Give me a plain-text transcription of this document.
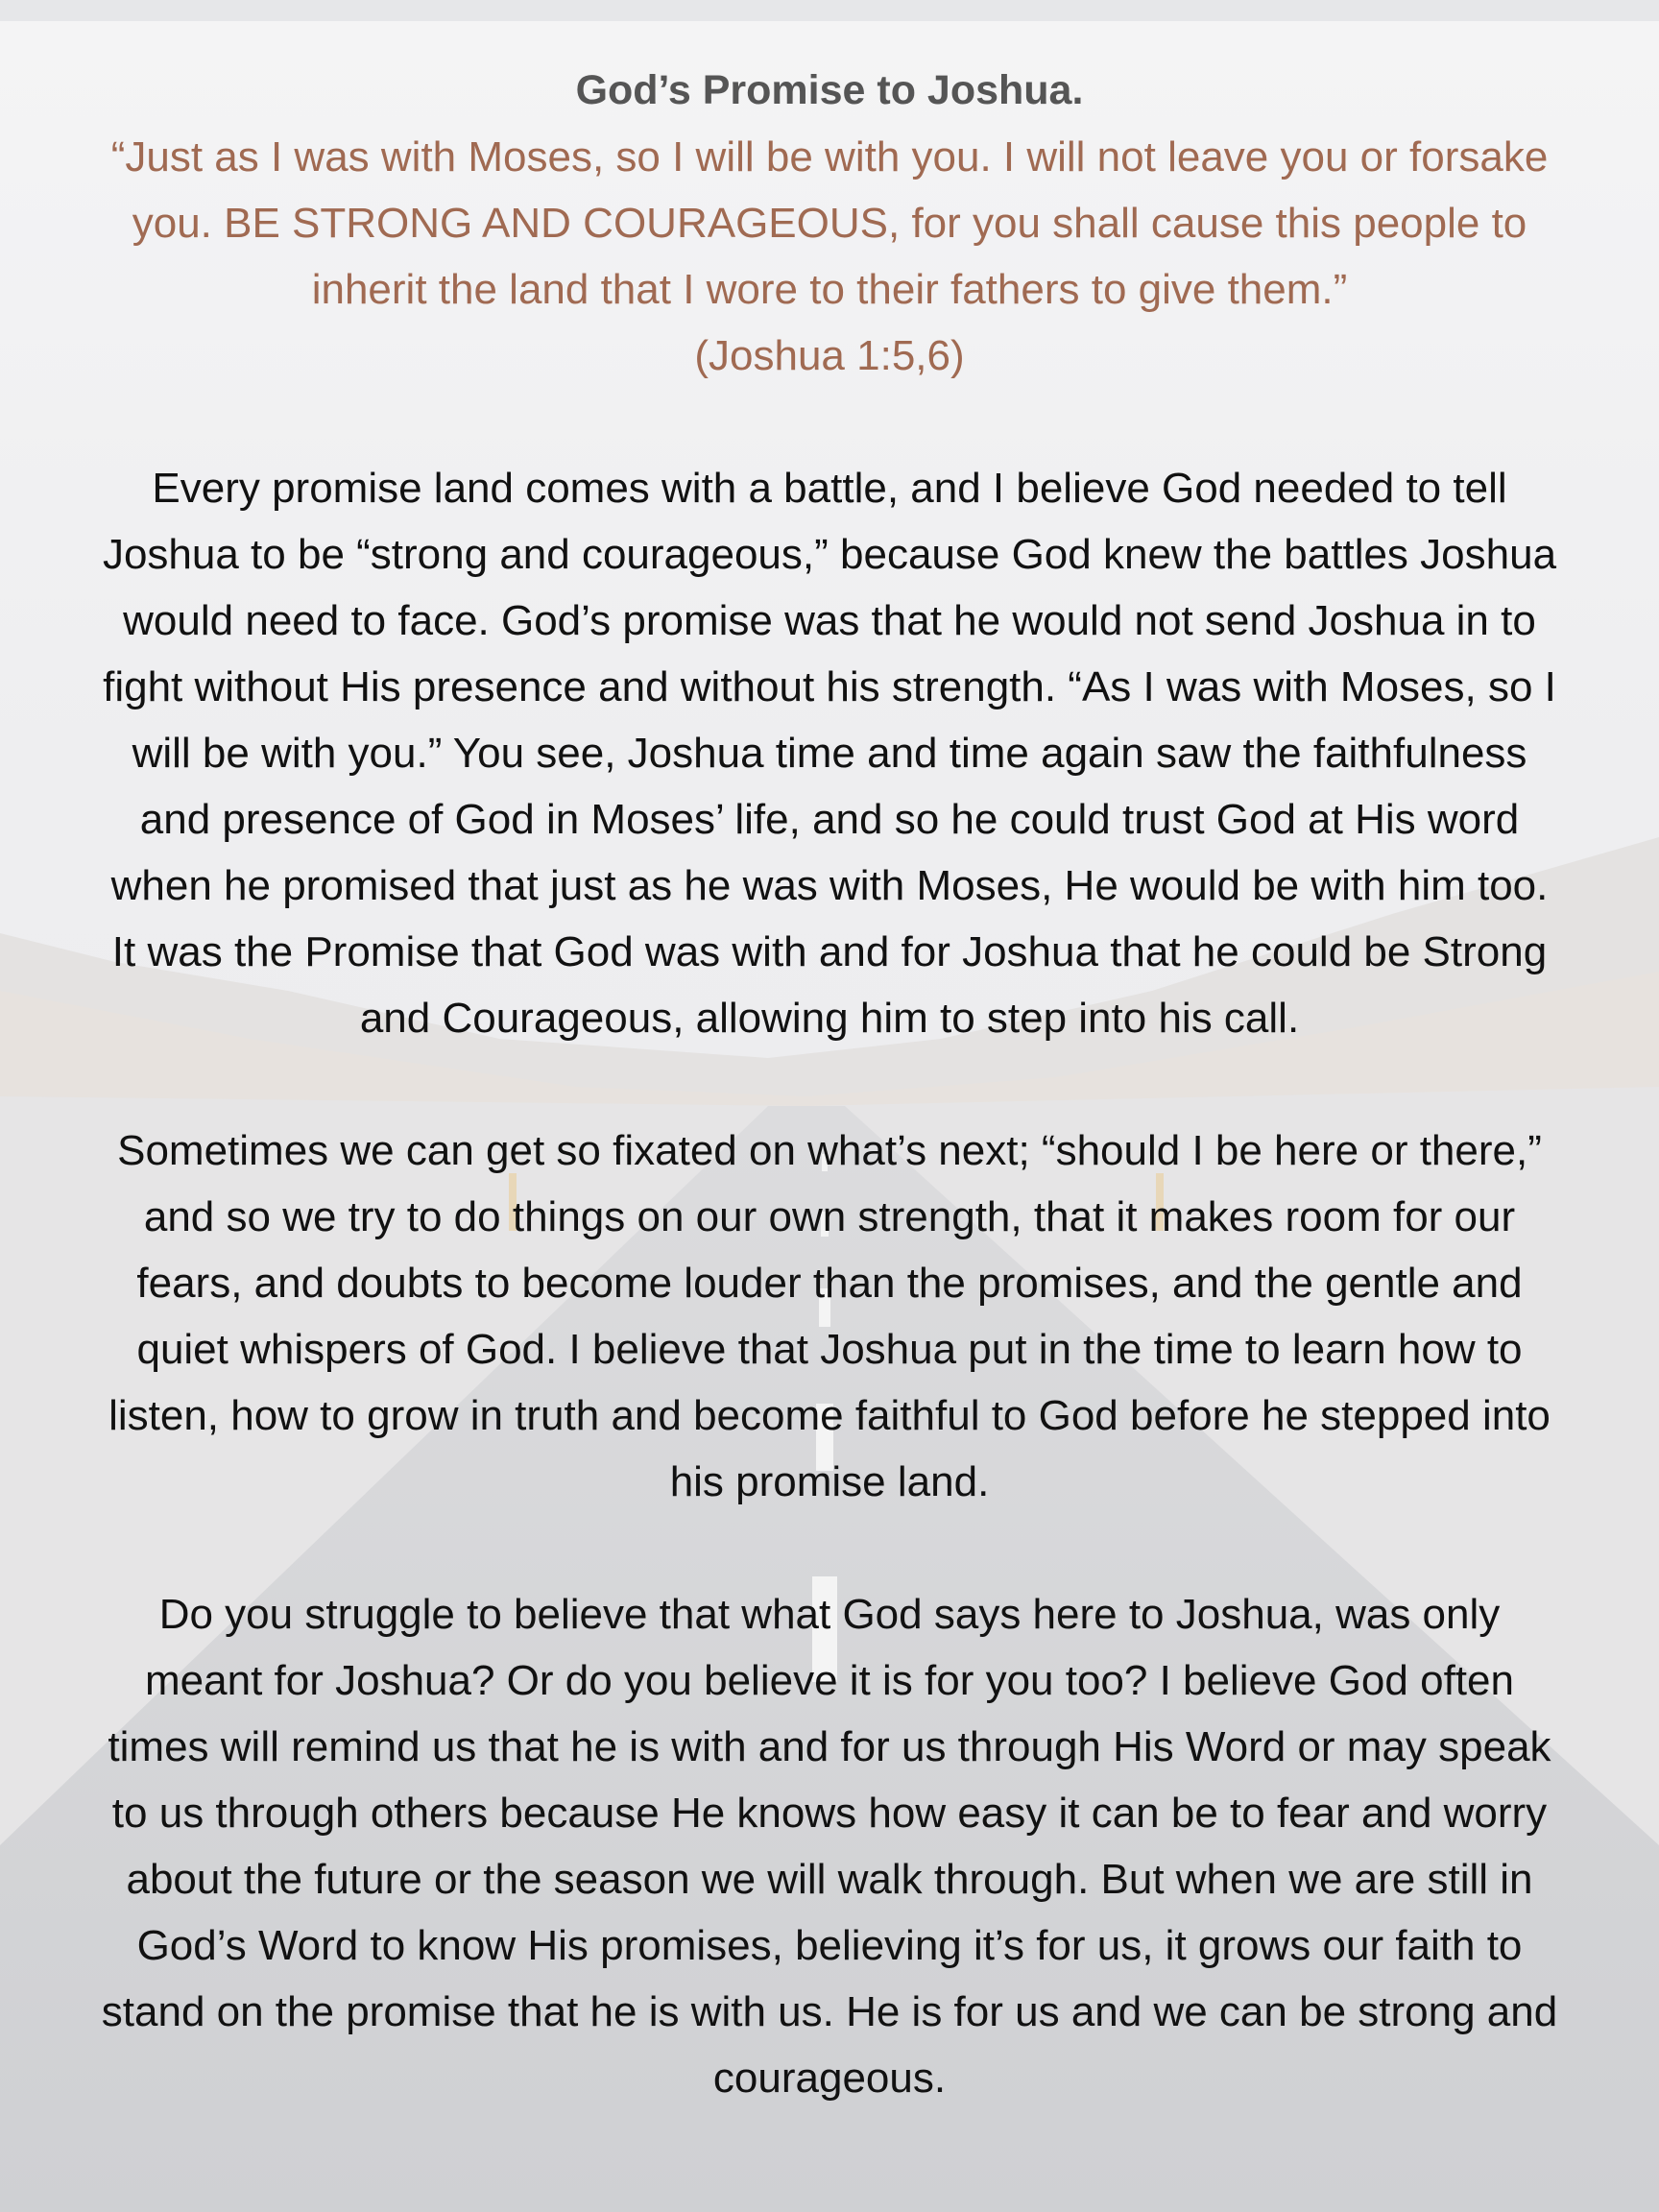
God’s Promise to Joshua.

“Just as I was with Moses, so I will be with you. I will not leave you or forsake you. BE STRONG AND COURAGEOUS, for you shall cause this people to inherit the land that I wore to their fathers to give them.”

(Joshua 1:5,6)

Every promise land comes with a battle, and I believe God needed to tell Joshua to be “strong and courageous,” because God knew the battles Joshua would need to face. God’s promise was that he would not send Joshua in to fight without His presence and without his strength. “As I was with Moses, so I will be with you.” You see, Joshua time and time again saw the faithfulness and presence of God in Moses’ life, and so he could trust God at His word when he promised that just as he was with Moses, He would be with him too. It was the Promise that God was with and for Joshua that he could be Strong and Courageous, allowing him to step into his call.

Sometimes we can get so fixated on what’s next; “should I be here or there,” and so we try to do things on our own strength, that it makes room for our fears, and doubts to become louder than the promises, and the gentle and quiet whispers of God. I believe that Joshua put in the time to learn how to listen, how to grow in truth and become faithful to God before he stepped into his promise land.

Do you struggle to believe that what God says here to Joshua, was only meant for Joshua? Or do you believe it is for you too? I believe God often times will remind us that he is with and for us through His Word or may speak to us through others because He knows how easy it can be to fear and worry about the future or the season we will walk through. But when we are still in God’s Word to know His promises, believing it’s for us, it grows our faith to stand on the promise that he is with us. He is for us and we can be strong and courageous.
